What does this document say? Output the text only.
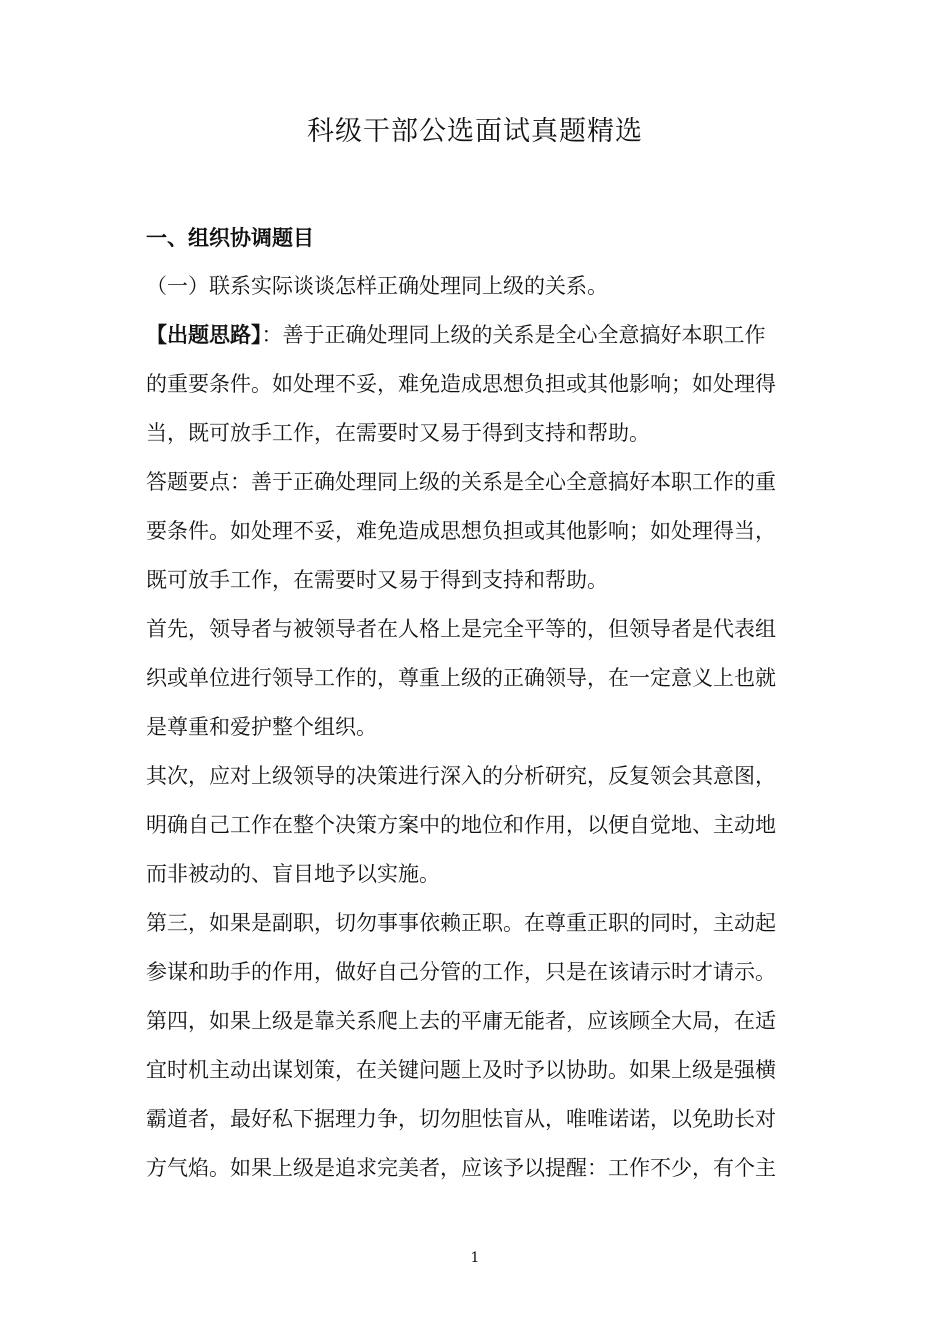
科级干部公选面试真题精选
一、组织协调题目
（一）联系实际谈谈怎样正确处理同上级的关系。
【出题思路】：善于正确处理同上级的关系是全心全意搞好本职工作
的重要条件。如处理不妥，难免造成思想负担或其他影响；如处理得
当，既可放手工作，在需要时又易于得到支持和帮助。
答题要点：善于正确处理同上级的关系是全心全意搞好本职工作的重
要条件。如处理不妥，难免造成思想负担或其他影响；如处理得当，
既可放手工作，在需要时又易于得到支持和帮助。
首先，领导者与被领导者在人格上是完全平等的，但领导者是代表组
织或单位进行领导工作的，尊重上级的正确领导，在一定意义上也就
是尊重和爱护整个组织。
其次，应对上级领导的决策进行深入的分析研究，反复领会其意图，
明确自己工作在整个决策方案中的地位和作用，以便自觉地、主动地
而非被动的、盲目地予以实施。
第三，如果是副职，切勿事事依赖正职。在尊重正职的同时，主动起
参谋和助手的作用，做好自己分管的工作，只是在该请示时才请示。
第四，如果上级是靠关系爬上去的平庸无能者，应该顾全大局，在适
宜时机主动出谋划策，在关键问题上及时予以协助。如果上级是强横
霸道者，最好私下据理力争，切勿胆怯盲从，唯唯诺诺，以免助长对
方气焰。如果上级是追求完美者，应该予以提醒：工作不少，有个主
1
